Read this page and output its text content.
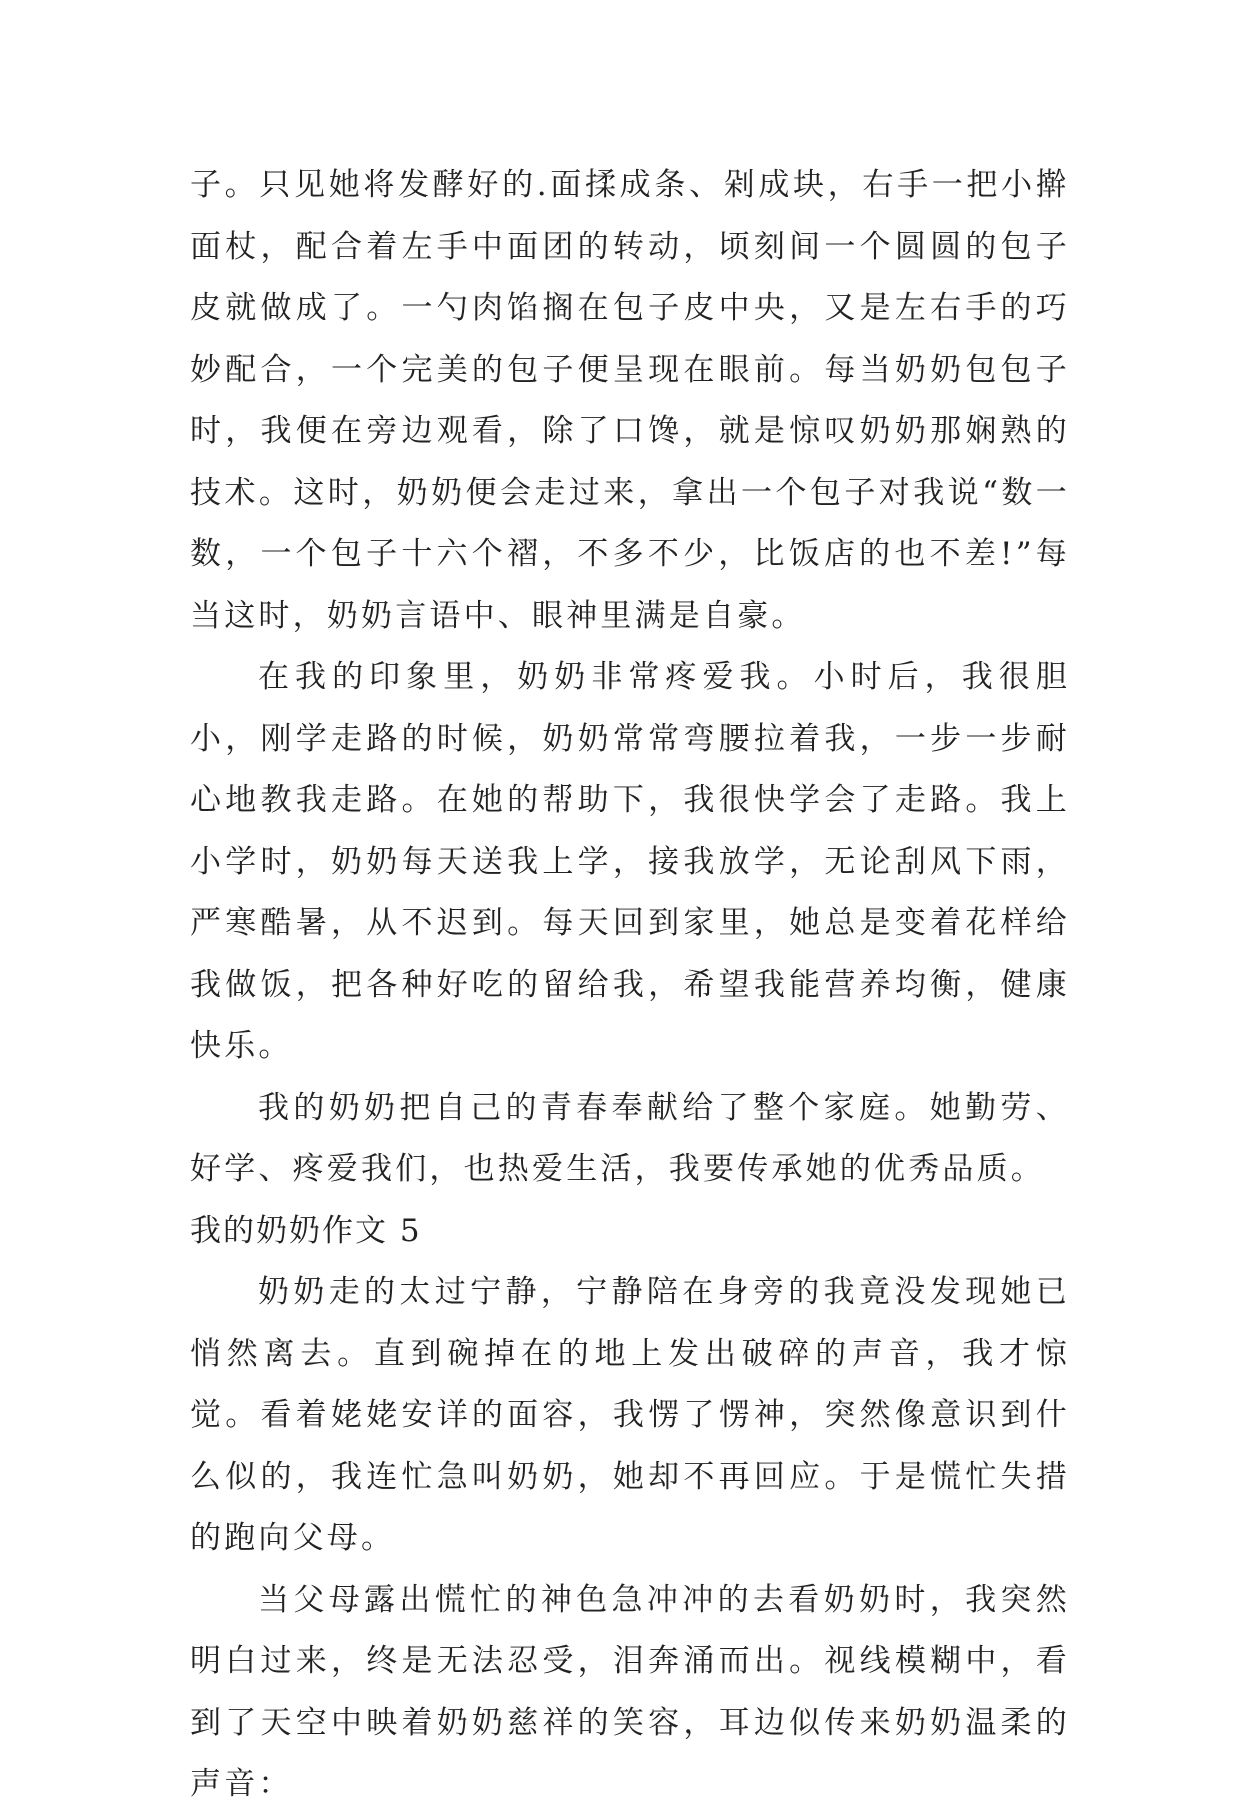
子。只见她将发酵好的.面揉成条、剁成块，右手一把小擀面杖，配合着左手中面团的转动，顷刻间一个圆圆的包子皮就做成了。一勺肉馅搁在包子皮中央，又是左右手的巧妙配合，一个完美的包子便呈现在眼前。每当奶奶包包子时，我便在旁边观看，除了口馋，就是惊叹奶奶那娴熟的技术。这时，奶奶便会走过来，拿出一个包子对我说“数一数，一个包子十六个褶，不多不少，比饭店的也不差!”每当这时，奶奶言语中、眼神里满是自豪。

在我的印象里，奶奶非常疼爱我。小时后，我很胆小，刚学走路的时候，奶奶常常弯腰拉着我，一步一步耐心地教我走路。在她的帮助下，我很快学会了走路。我上小学时，奶奶每天送我上学，接我放学，无论刮风下雨，严寒酷暑，从不迟到。每天回到家里，她总是变着花样给我做饭，把各种好吃的留给我，希望我能营养均衡，健康快乐。

我的奶奶把自己的青春奉献给了整个家庭。她勤劳、好学、疼爱我们，也热爱生活，我要传承她的优秀品质。

我的奶奶作文 5

奶奶走的太过宁静，宁静陪在身旁的我竟没发现她已悄然离去。直到碗掉在的地上发出破碎的声音，我才惊觉。看着姥姥安详的面容，我愣了愣神，突然像意识到什么似的，我连忙急叫奶奶，她却不再回应。于是慌忙失措的跑向父母。

当父母露出慌忙的神色急冲冲的去看奶奶时，我突然明白过来，终是无法忍受，泪奔涌而出。视线模糊中，看到了天空中映着奶奶慈祥的笑容，耳边似传来奶奶温柔的声音：
